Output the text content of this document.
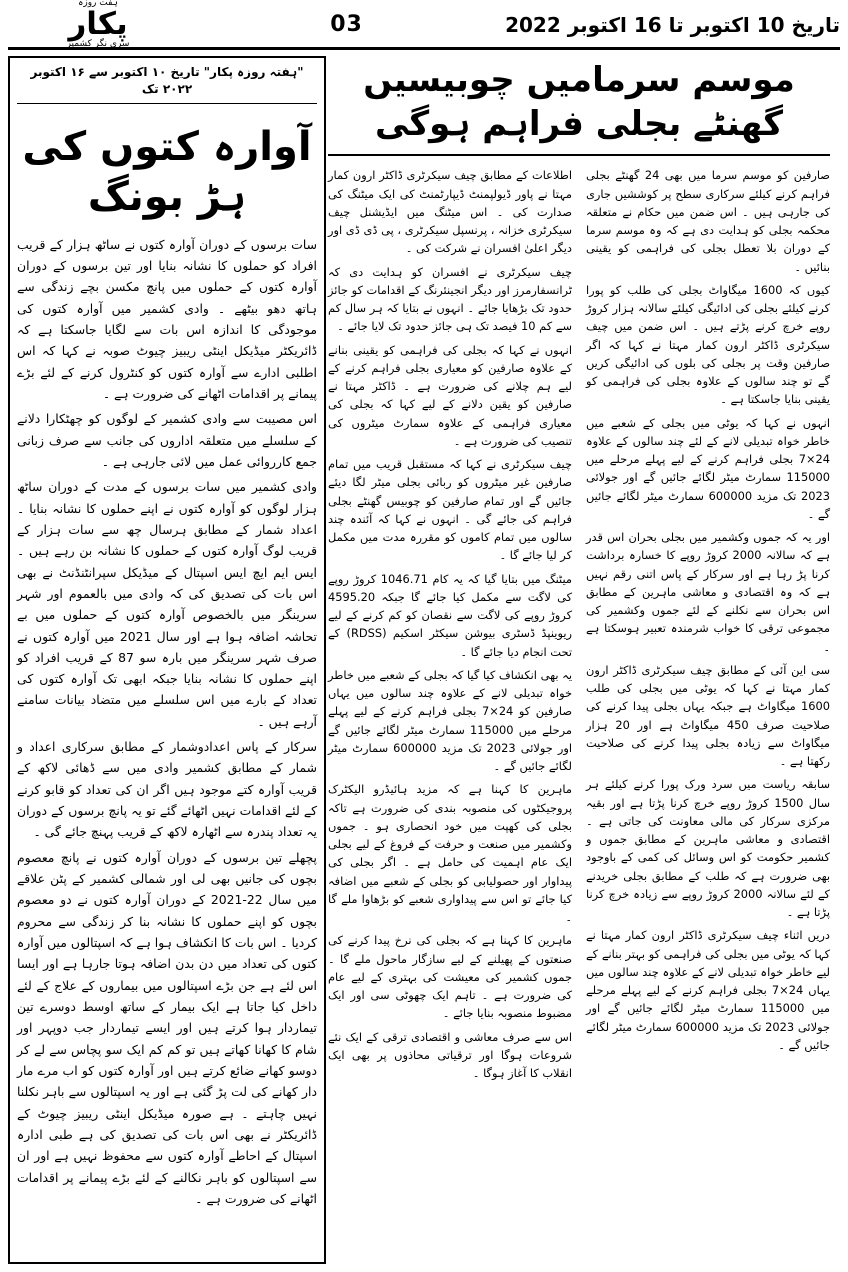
ہفت روزہ
پکار
سری نگر کشمیر
03	تاریخ 10 اکتوبر تا 16 اکتوبر 2022
"ہفتہ روزہ پکار" تاریخ ۱۰ اکتوبر سے ۱۶ اکتوبر ۲۰۲۲ تک
آوارہ کتوں کی ہڑ بونگ

سات برسوں کے دوران آوارہ کتوں نے ساٹھ ہزار کے قریب افراد کو حملوں کا نشانہ بنایا اور تین برسوں کے دوران آوارہ کتوں کے حملوں میں پانچ مکسن بچے زندگی سے ہاتھ دھو بیٹھے ۔ وادی کشمیر میں آوارہ کتوں کی موجودگی کا اندازہ اس بات سے لگایا جاسکتا ہے کہ ڈائریکٹر میڈیکل اینٹی ریبیز چیوٹ صوبہ نے کہا کہ اس اطلبی ادارے سے آوارہ کتوں کو کنٹرول کرنے کے لئے بڑے پیمانے پر اقدامات اٹھانے کی ضرورت ہے ۔

اس مصیبت سے وادی کشمیر کے لوگوں کو چھٹکارا دلانے کے سلسلے میں متعلقہ اداروں کی جانب سے صرف زبانی جمع کارروائی عمل میں لائی جارہی ہے ۔

وادی کشمیر میں سات برسوں کے مدت کے دوران ساٹھ ہزار لوگوں کو آوارہ کتوں نے اپنے حملوں کا نشانہ بنایا ۔ اعداد شمار کے مطابق ہرسال چھ سے سات ہزار کے قریب لوگ آوارہ کتوں کے حملوں کا نشانہ بن رہے ہیں ۔ ایس ایم ایچ ایس اسپتال کے میڈیکل سپرانٹنڈنٹ نے بھی اس بات کی تصدیق کی کہ وادی میں بالعموم اور شہر سرینگر میں بالخصوص آوارہ کتوں کے حملوں میں بے تحاشہ اضافہ ہوا ہے اور سال 2021 میں آوارہ کتوں نے صرف شہر سرینگر میں بارہ سو 87 کے قریب افراد کو اپنے حملوں کا نشانہ بنایا جبکہ ابھی تک آوارہ کتوں کی تعداد کے بارے میں اس سلسلے میں متضاد بیانات سامنے آرہے ہیں ۔

سرکار کے پاس اعدادوشمار کے مطابق سرکاری اعداد و شمار کے مطابق کشمیر وادی میں سے ڈھائی لاکھ کے قریب آوارہ کتے موجود ہیں اگر ان کی تعداد کو قابو کرنے کے لئے اقدامات نہیں اٹھائے گئے تو یہ پانچ برسوں کے دوران یہ تعداد پندرہ سے اٹھارہ لاکھ کے قریب پہنچ جائے گی ۔

پچھلے تین برسوں کے دوران آوارہ کتوں نے پانچ معصوم بچوں کی جانیں بھی لی اور شمالی کشمیر کے پٹن علاقے میں سال 22-2021 کے دوران آوارہ کتوں نے دو معصوم بچوں کو اپنے حملوں کا نشانہ بنا کر زندگی سے محروم کردیا ۔ اس بات کا انکشاف ہوا ہے کہ اسپتالوں میں آوارہ کتوں کی تعداد میں دن بدن اضافہ ہوتا جارہا ہے اور ایسا اس لئے ہے جن بڑے اسپتالوں میں بیماروں کے علاج کے لئے داخل کیا جاتا ہے ایک بیمار کے ساتھ اوسط دوسرے تین تیماردار ہوا کرتے ہیں اور ایسے تیماردار جب دوپہر اور شام کا کھانا کھاتے ہیں تو کم کم ایک سو پچاس سے لے کر دوسو کھانے ضائع کرتے ہیں اور آوارہ کتوں کو اب مرے مار دار کھانے کی لت پڑ گئی ہے اور یہ اسپتالوں سے باہر نکلنا نہیں چاہتے ۔ ہے صورہ میڈیکل اینٹی ریبیز چیوٹ کے ڈائریکٹر نے بھی اس بات کی تصدیق کی ہے طبی ادارہ اسپتال کے احاطے آوارہ کتوں سے محفوظ نہیں ہے اور ان سے اسپتالوں کو باہر نکالنے کے لئے بڑے پیمانے پر اقدامات اٹھانے کی ضرورت ہے ۔

موسم سرمامیں چوبیسیں گھنٹے بجلی فراہم ہوگی

صارفین کو موسم سرما میں بھی 24 گھنٹے بجلی فراہم کرنے کیلئے سرکاری سطح پر کوششیں جاری کی جارہی ہیں ۔ اس ضمن میں حکام نے متعلقہ محکمہ بجلی کو ہدایت دی ہے کہ وہ موسم سرما کے دوران بلا تعطل بجلی کی فراہمی کو یقینی بنائیں ۔

کیوں کہ 1600 میگاواٹ بجلی کی طلب کو پورا کرنے کیلئے بجلی کی ادائیگی کیلئے سالانہ ہزار کروڑ روپے خرچ کرنے پڑتے ہیں ۔ اس ضمن میں چیف سیکرٹری ڈاکٹر ارون کمار مہتا نے کہا کہ اگر صارفین وقت پر بجلی کی بلوں کی ادائیگی کریں گے تو چند سالوں کے علاوہ بجلی کی فراہمی کو یقینی بنایا جاسکتا ہے ۔

انہوں نے کہا کہ یوٹی میں بجلی کے شعبے میں خاطر خواہ تبدیلی لانے کے لئے چند سالوں کے علاوہ 24×7 بجلی فراہم کرنے کے لیے پہلے مرحلے میں 115000 سمارٹ میٹر لگائے جائیں گے اور جولائی 2023 تک مزید 600000 سمارٹ میٹر لگائے جائیں گے ۔

اور یہ کہ جموں وکشمیر میں بجلی بحران اس قدر ہے کہ سالانہ 2000 کروڑ روپے کا خسارہ برداشت کرنا پڑ رہا ہے اور سرکار کے پاس اتنی رقم نہیں ہے کہ وہ اقتصادی و معاشی ماہرین کے مطابق اس بحران سے نکلنے کے لئے جموں وکشمیر کی مجموعی ترقی کا خواب شرمندہ تعبیر ہوسکتا ہے ۔

سی این آئی کے مطابق چیف سیکرٹری ڈاکٹر ارون کمار مہتا نے کہا کہ یوٹی میں بجلی کی طلب 1600 میگاواٹ ہے جبکہ یہاں بجلی پیدا کرنے کی صلاحیت صرف 450 میگاواٹ ہے اور 20 ہزار میگاواٹ سے زیادہ بجلی پیدا کرنے کی صلاحیت رکھتا ہے ۔

سابقہ ریاست میں سرد ورک پورا کرنے کیلئے ہر سال 1500 کروڑ روپے خرچ کرنا پڑتا ہے اور بقیہ مرکزی سرکار کی مالی معاونت کی جاتی ہے ۔ اقتصادی و معاشی ماہرین کے مطابق جموں و کشمیر حکومت کو اس وسائل کی کمی کے باوجود بھی ضرورت ہے کہ طلب کے مطابق بجلی خریدنے کے لئے سالانہ 2000 کروڑ روپے سے زیادہ خرچ کرنا پڑتا ہے ۔

دریں اثناء چیف سیکرٹری ڈاکٹر ارون کمار مہتا نے کہا کہ یوٹی میں بجلی کی فراہمی کو بہتر بنانے کے لیے خاطر خواہ تبدیلی لانے کے علاوہ چند سالوں میں یہاں 24×7 بجلی فراہم کرنے کے لیے پہلے مرحلے میں 115000 سمارٹ میٹر لگائے جائیں گے اور جولائی 2023 تک مزید 600000 سمارٹ میٹر لگائے جائیں گے ۔

اطلاعات کے مطابق چیف سیکرٹری ڈاکٹر ارون کمار مہتا نے پاور ڈیولپمنٹ ڈیپارٹمنٹ کی ایک میٹنگ کی صدارت کی ۔ اس میٹنگ میں ایڈیشنل چیف سیکرٹری خزانہ ، پرنسپل سیکرٹری ، پی ڈی ڈی اور دیگر اعلیٰ افسران نے شرکت کی ۔

چیف سیکرٹری نے افسران کو ہدایت دی کہ ٹرانسفارمرز اور دیگر انجینئرنگ کے اقدامات کو جائز حدود تک بڑھایا جائے ۔ انہوں نے بتایا کہ ہر سال کم سے کم 10 فیصد تک ہی جائز حدود تک لایا جائے ۔

انہوں نے کہا کہ بجلی کی فراہمی کو یقینی بنانے کے علاوہ صارفین کو معیاری بجلی فراہم کرنے کے لیے ہم چلانے کی ضرورت ہے ۔ ڈاکٹر مہتا نے صارفین کو یقین دلانے کے لیے کہا کہ بجلی کی معیاری فراہمی کے علاوہ سمارٹ میٹروں کی تنصیب کی ضرورت ہے ۔

چیف سیکرٹری نے کہا کہ مستقبل قریب میں تمام صارفین غیر میٹروں کو ربائی بجلی میٹر لگا دیئے جائیں گے اور تمام صارفین کو چوبیس گھنٹے بجلی فراہم کی جائے گی ۔ انہوں نے کہا کہ آئندہ چند سالوں میں تمام کاموں کو مقررہ مدت میں مکمل کر لیا جائے گا ۔

میٹنگ میں بتایا گیا کہ یہ کام 1046.71 کروڑ روپے کی لاگت سے مکمل کیا جائے گا جبکہ 4595.20 کروڑ روپے کی لاگت سے نقصان کو کم کرنے کے لیے ریوینپڈ ڈسٹری بیوشن سیکٹر اسکیم (RDSS) کے تحت انجام دیا جائے گا ۔

یہ بھی انکشاف کیا گیا کہ بجلی کے شعبے میں خاطر خواہ تبدیلی لانے کے علاوہ چند سالوں میں یہاں صارفین کو 24×7 بجلی فراہم کرنے کے لیے پہلے مرحلے میں 115000 سمارٹ میٹر لگائے جائیں گے اور جولائی 2023 تک مزید 600000 سمارٹ میٹر لگائے جائیں گے ۔

ماہرین کا کہنا ہے کہ مزید ہائیڈرو الیکٹرک پروجیکٹوں کی منصوبہ بندی کی ضرورت ہے تاکہ بجلی کی کھپت میں خود انحصاری ہو ۔ جموں وکشمیر میں صنعت و حرفت کے فروغ کے لیے بجلی ایک عام اہمیت کی حامل ہے ۔ اگر بجلی کی پیداوار اور حصولیابی کو بجلی کے شعبے میں اضافہ کیا جائے تو اس سے پیداواری شعبے کو بڑھاوا ملے گا ۔

ماہرین کا کہنا ہے کہ بجلی کی نرخ پیدا کرنے کی صنعتوں کے پھیلنے کے لیے سازگار ماحول ملے گا ۔ جموں کشمیر کی معیشت کی بہتری کے لیے عام کی ضرورت ہے ۔ تاہم ایک چھوٹی سی اور ایک مضبوط منصوبہ بنایا جائے ۔

اس سے صرف معاشی و اقتصادی ترقی کے ایک نئے شروعات ہوگا اور ترقیاتی محاذوں پر بھی ایک انقلاب کا آغاز ہوگا ۔
